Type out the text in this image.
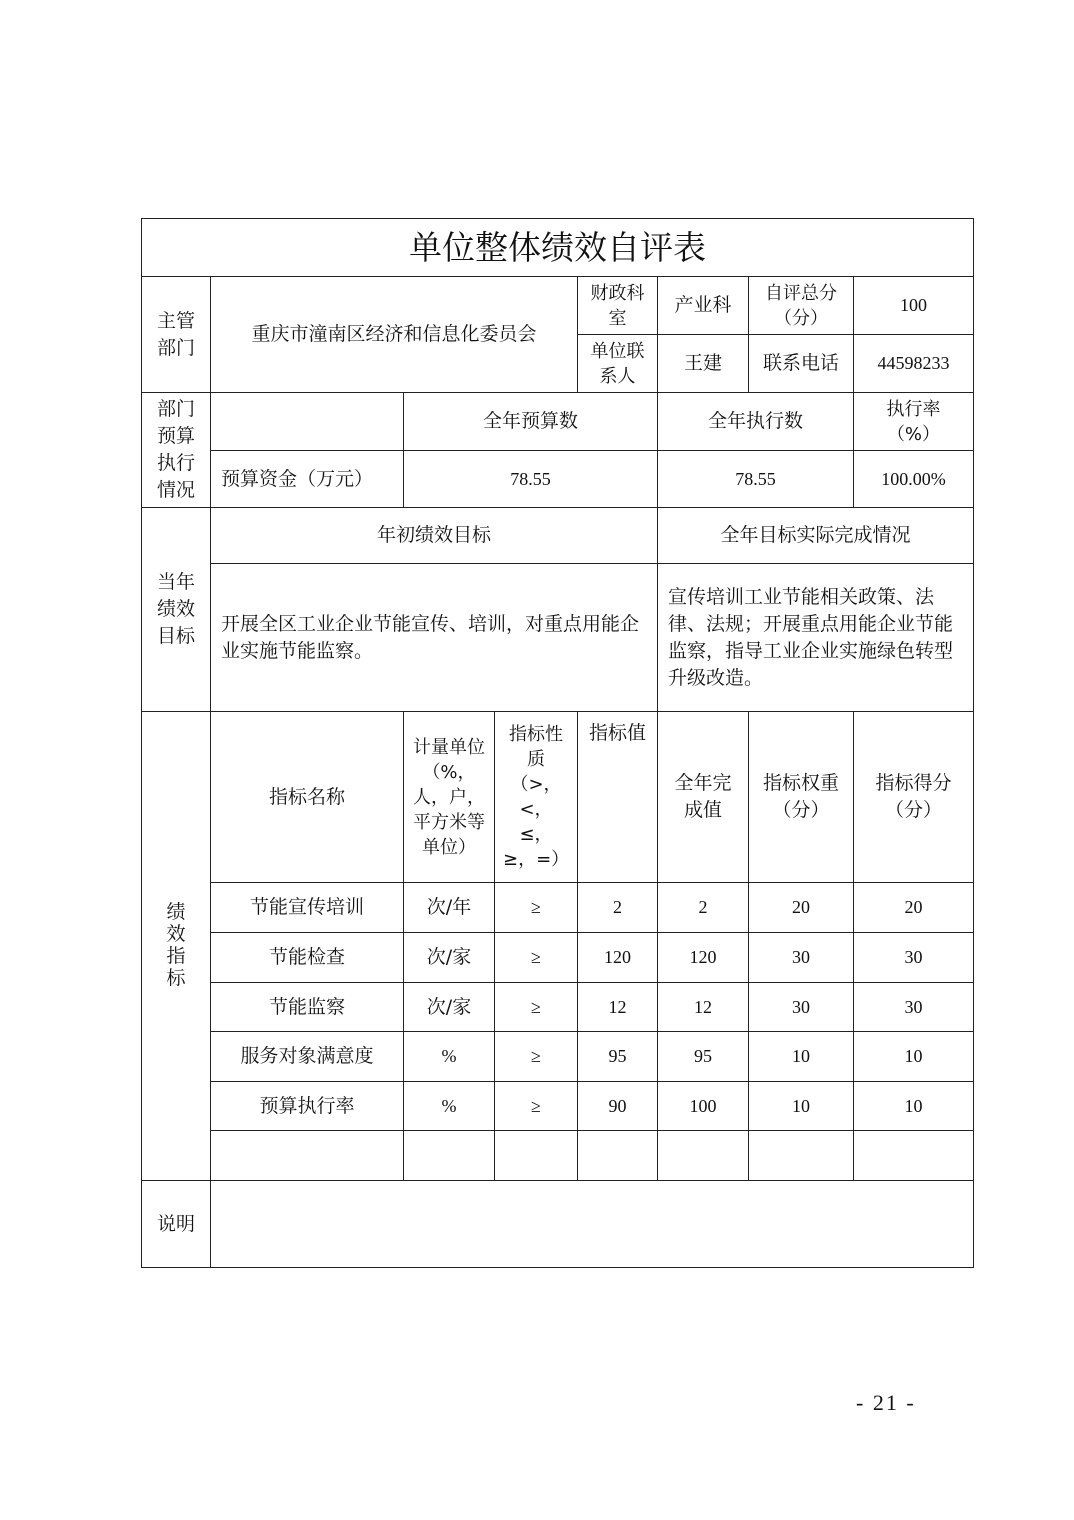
单位整体绩效自评表							
主管部门	重庆市潼南区经济和信息化委员会			财政科室	产业科	自评总分（分）	100
				单位联系人	王建	联系电话	44598233
部门预算执行情况		全年预算数			全年执行数		执行率（%）
	预算资金（万元）	78.55			78.55		100.00%
当年绩效目标	年初绩效目标				全年目标实际完成情况		
	开展全区工业企业节能宣传、培训，对重点用能企业实施节能监察。				宣传培训工业节能相关政策、法律、法规；开展重点用能企业节能监察，指导工业企业实施绿色转型升级改造。		
绩效指标	指标名称	计量单位（%，人，户，平方米等单位）	指标性质（>，<，≤，≥，=）	指标值	全年完成值	指标权重（分）	指标得分（分）
	节能宣传培训	次/年	≥	2	2	20	20
	节能检查	次/家	≥	120	120	30	30
	节能监察	次/家	≥	12	12	30	30
	服务对象满意度	%	≥	95	95	10	10
	预算执行率	%	≥	90	100	10	10

说明							
- 21 -
